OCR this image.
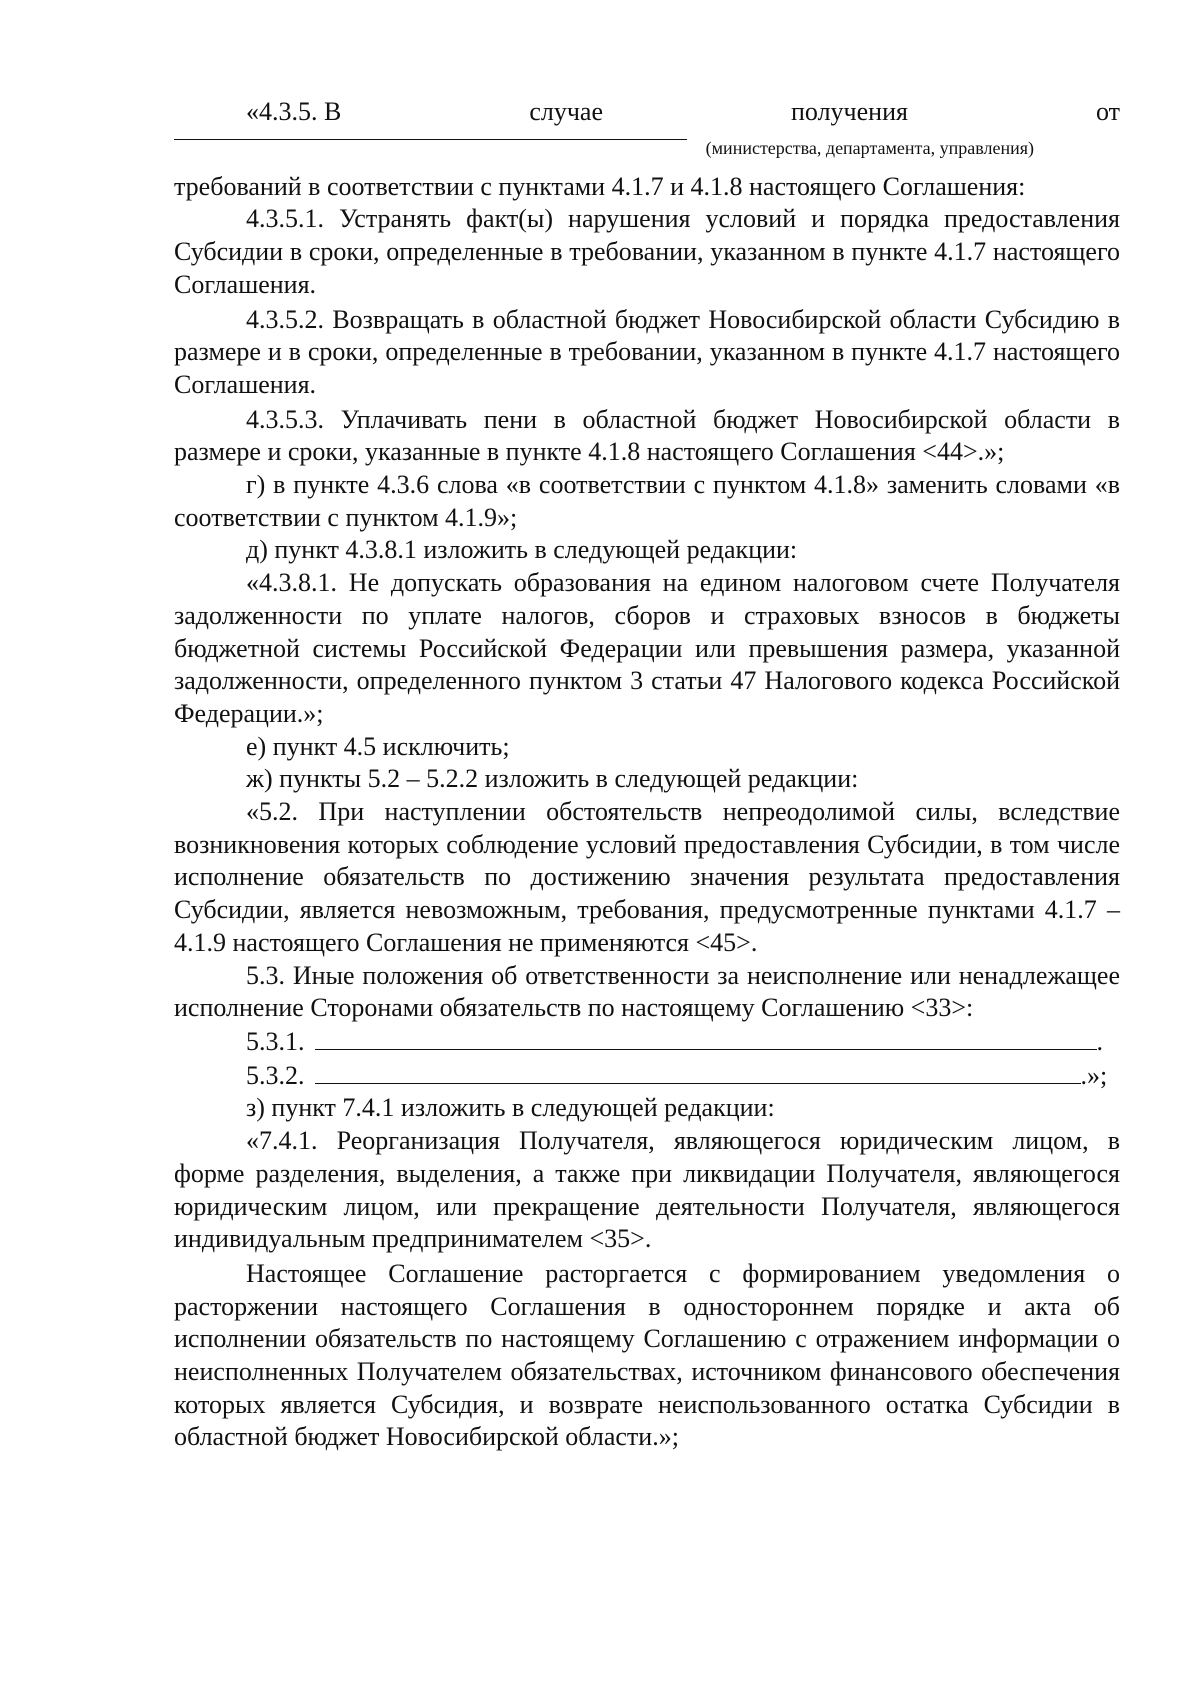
«4.3.5. В	случае	получения	от
(министерства, департамента, управления)

требований в соответствии с пунктами 4.1.7 и 4.1.8 настоящего Соглашения:

4.3.5.1. Устранять факт(ы) нарушения условий и порядка предоставления Субсидии в сроки, определенные в требовании, указанном в пункте 4.1.7 настоящего Соглашения.

4.3.5.2. Возвращать в областной бюджет Новосибирской области Субсидию в размере и в сроки, определенные в требовании, указанном в пункте 4.1.7 настоящего Соглашения.

4.3.5.3. Уплачивать пени в областной бюджет Новосибирской области в размере и сроки, указанные в пункте 4.1.8 настоящего Соглашения <44>.»;

г) в пункте 4.3.6 слова «в соответствии с пунктом 4.1.8» заменить словами «в соответствии с пунктом 4.1.9»;

д) пункт 4.3.8.1 изложить в следующей редакции:

«4.3.8.1. Не допускать образования на едином налоговом счете Получателя задолженности по уплате налогов, сборов и страховых взносов в бюджеты бюджетной системы Российской Федерации или превышения размера, указанной задолженности, определенного пунктом 3 статьи 47 Налогового кодекса Российской Федерации.»;

е) пункт 4.5 исключить;

ж) пункты 5.2 – 5.2.2 изложить в следующей редакции:

«5.2. При наступлении обстоятельств непреодолимой силы, вследствие возникновения которых соблюдение условий предоставления Субсидии, в том числе исполнение обязательств по достижению значения результата предоставления Субсидии, является невозможным, требования, предусмотренные пунктами 4.1.7 – 4.1.9 настоящего Соглашения не применяются <45>.

5.3. Иные положения об ответственности за неисполнение или ненадлежащее исполнение Сторонами обязательств по настоящему Соглашению <33>:

5.3.1.	.
5.3.2.	.»;

з) пункт 7.4.1 изложить в следующей редакции:

«7.4.1. Реорганизация Получателя, являющегося юридическим лицом, в форме разделения, выделения, а также при ликвидации Получателя, являющегося юридическим лицом, или прекращение деятельности Получателя, являющегося индивидуальным предпринимателем <35>.

Настоящее Соглашение расторгается с формированием уведомления о расторжении настоящего Соглашения в одностороннем порядке и акта об исполнении обязательств по настоящему Соглашению с отражением информации о неисполненных Получателем обязательствах, источником финансового обеспечения которых является Субсидия, и возврате неиспользованного остатка Субсидии в областной бюджет Новосибирской области.»;
